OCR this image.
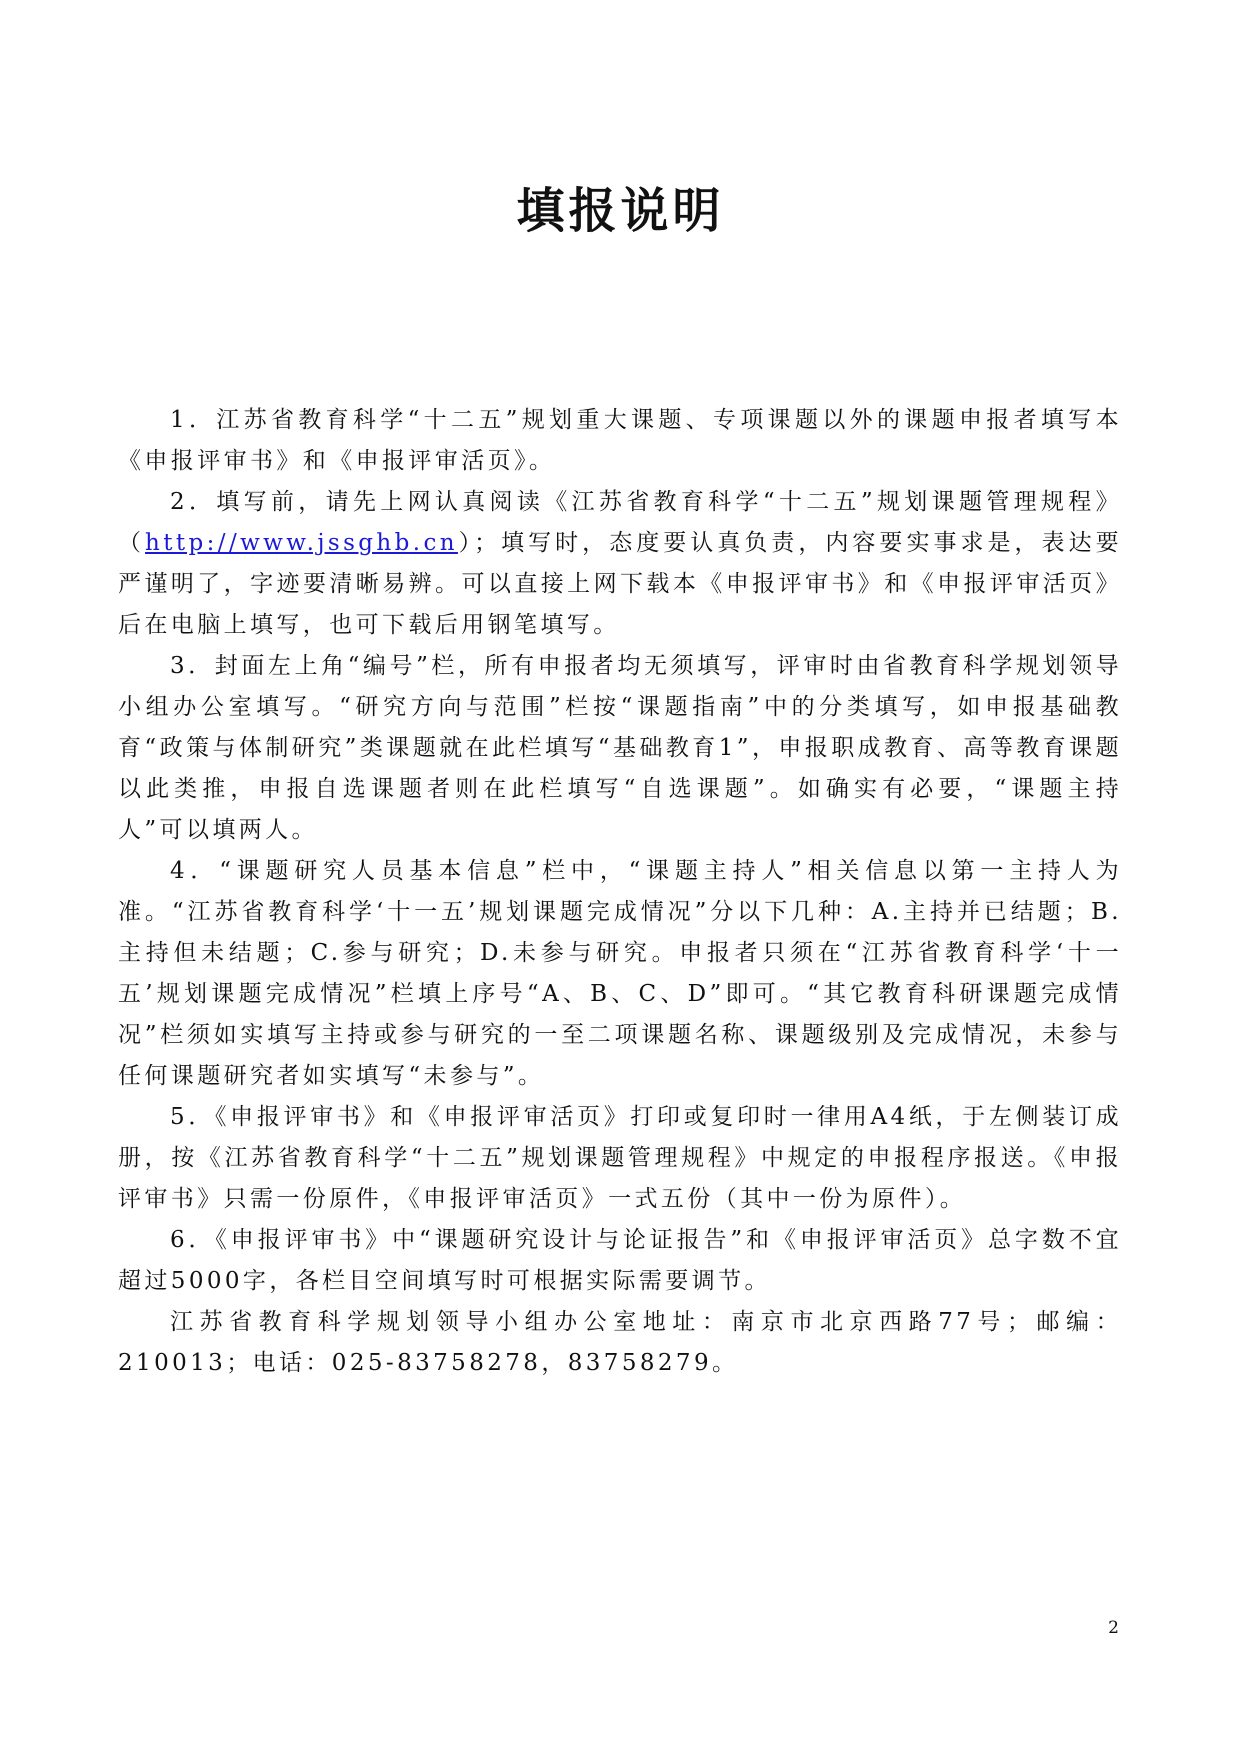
填报说明

1．江苏省教育科学“十二五”规划重大课题、专项课题以外的课题申报者填写本《申报评审书》和《申报评审活页》。

2．填写前，请先上网认真阅读《江苏省教育科学“十二五”规划课题管理规程》（http://www.jssghb.cn）；填写时，态度要认真负责，内容要实事求是，表达要严谨明了，字迹要清晰易辨。可以直接上网下载本《申报评审书》和《申报评审活页》后在电脑上填写，也可下载后用钢笔填写。

3．封面左上角“编号”栏，所有申报者均无须填写，评审时由省教育科学规划领导小组办公室填写。“研究方向与范围”栏按“课题指南”中的分类填写，如申报基础教育“政策与体制研究”类课题就在此栏填写“基础教育1”，申报职成教育、高等教育课题以此类推，申报自选课题者则在此栏填写“自选课题”。如确实有必要，“课题主持人”可以填两人。

4．“课题研究人员基本信息”栏中，“课题主持人”相关信息以第一主持人为准。“江苏省教育科学‘十一五’规划课题完成情况”分以下几种：A.主持并已结题；B.主持但未结题；C.参与研究；D.未参与研究。申报者只须在“江苏省教育科学‘十一五’规划课题完成情况”栏填上序号“A、B、C、D”即可。“其它教育科研课题完成情况”栏须如实填写主持或参与研究的一至二项课题名称、课题级别及完成情况，未参与任何课题研究者如实填写“未参与”。

5．《申报评审书》和《申报评审活页》打印或复印时一律用A4纸，于左侧装订成册，按《江苏省教育科学“十二五”规划课题管理规程》中规定的申报程序报送。《申报评审书》只需一份原件，《申报评审活页》一式五份（其中一份为原件）。

6．《申报评审书》中“课题研究设计与论证报告”和《申报评审活页》总字数不宜超过5000字，各栏目空间填写时可根据实际需要调节。

江苏省教育科学规划领导小组办公室地址：南京市北京西路77号；邮编：210013；电话：025-83758278，83758279。

2
